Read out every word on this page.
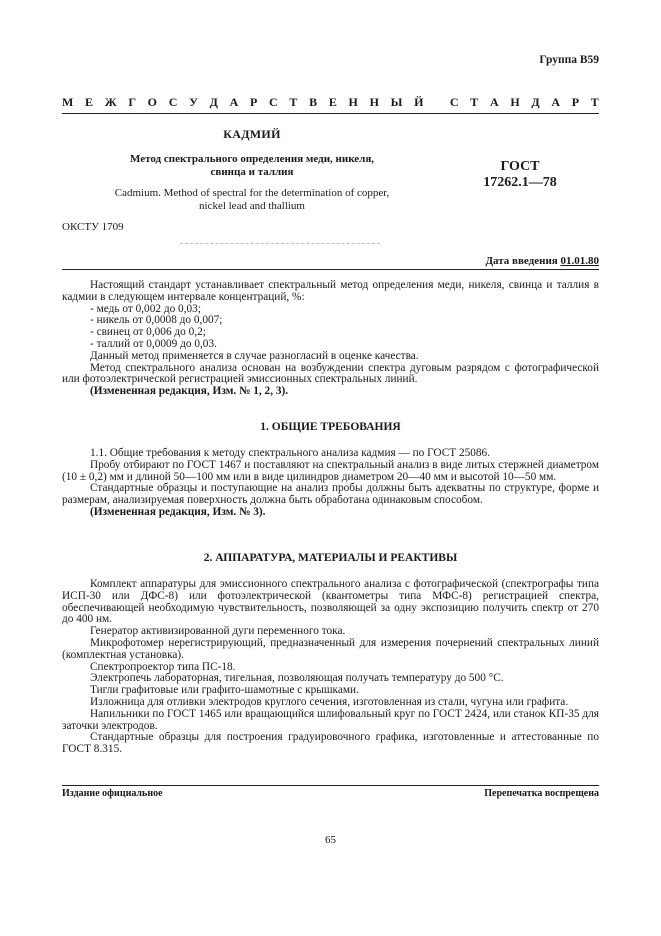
Группа В59
М Е Ж Г О С У Д А Р С Т В Е Н Н Ы Й
С Т А Н Д А Р Т
КАДМИЙ
Метод спектрального определения меди, никеля,
свинца и таллия	ГОСТ
17262.1—78
Cadmium. Method of spectral for the determination of copper,
nickel lead and thallium
ОКСТУ 1709
Дата введения 01.01.80

Настоящий стандарт устанавливает спектральный метод определения меди, никеля, свинца и таллия в кадмии в следующем интервале концентраций, %:

- медь от 0,002 до 0,03;

- никель от 0,0008 до 0,007;

- свинец от 0,006 до 0,2;

- таллий от 0,0009 до 0,03.

Данный метод применяется в случае разногласий в оценке качества.

Метод спектрального анализа основан на возбуждении спектра дуговым разрядом с фотографической или фотоэлектрической регистрацией эмиссионных спектральных линий.

(Измененная редакция, Изм. № 1, 2, 3).

1. ОБЩИЕ ТРЕБОВАНИЯ

1.1. Общие требования к методу спектрального анализа кадмия — по ГОСТ 25086.

Пробу отбирают по ГОСТ 1467 и поставляют на спектральный анализ в виде литых стержней диаметром (10 ± 0,2) мм и длиной 50—100 мм или в виде цилиндров диаметром 20—40 мм и высотой 10—50 мм.

Стандартные образцы и поступающие на анализ пробы должны быть адекватны по структуре, форме и размерам, анализируемая поверхность должна быть обработана одинаковым способом.

(Измененная редакция, Изм. № 3).

2. АППАРАТУРА, МАТЕРИАЛЫ И РЕАКТИВЫ

Комплект аппаратуры для эмиссионного спектрального анализа с фотографической (спектрографы типа ИСП-30 или ДФС-8) или фотоэлектрической (квантометры типа МФС-8) регистрацией спектра, обеспечивающей необходимую чувствительность, позволяющей за одну экспозицию получить спектр от 270 до 400 нм.

Генератор активизированной дуги переменного тока.

Микрофотомер нерегистрирующий, предназначенный для измерения почернений спектральных линий (комплектная установка).

Спектропроектор типа ПС-18.

Электропечь лабораторная, тигельная, позволяющая получать температуру до 500 °С.

Тигли графитовые или графито-шамотные с крышками.

Изложница для отливки электродов круглого сечения, изготовленная из стали, чугуна или графита.

Напильники по ГОСТ 1465 или вращающийся шлифовальный круг по ГОСТ 2424, или станок КП-35 для заточки электродов.

Стандартные образцы для построения градуировочного графика, изготовленные и аттестованные по ГОСТ 8.315.

Издание официальное	Перепечатка воспрещена
65
